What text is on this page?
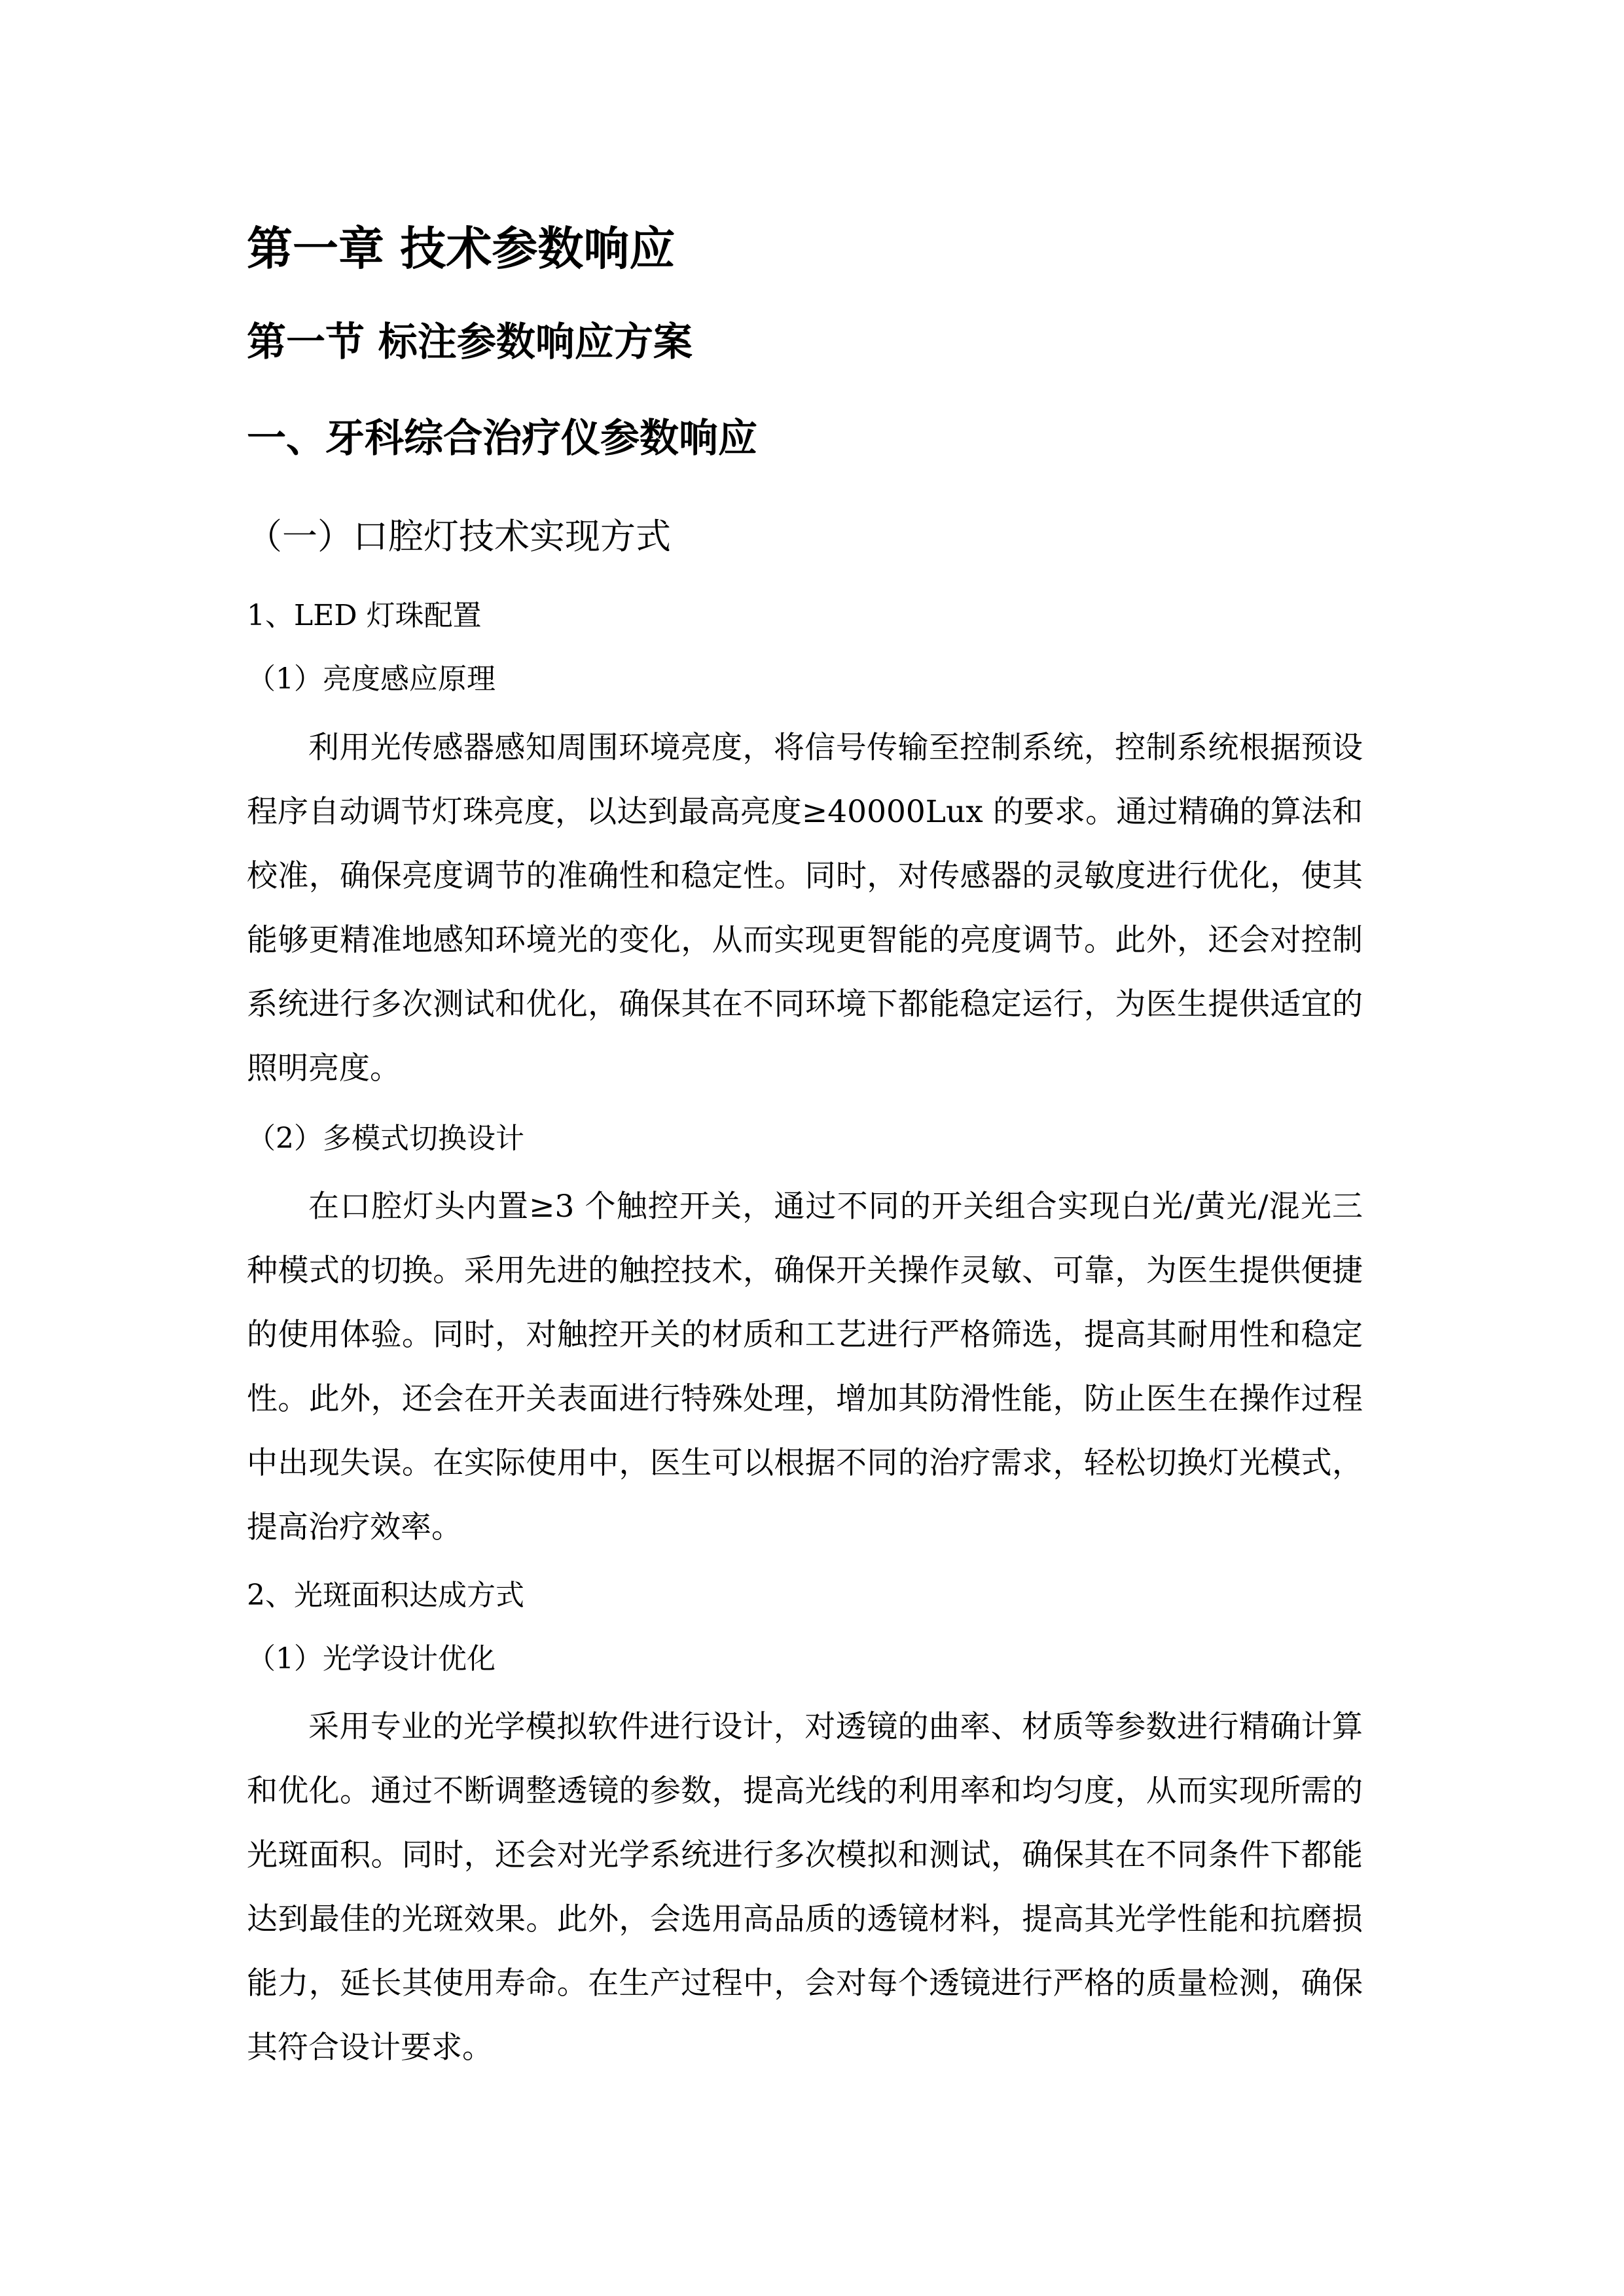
第一章 技术参数响应
第一节 标注参数响应方案
一、牙科综合治疗仪参数响应
（一）口腔灯技术实现方式
1、LED 灯珠配置
（1）亮度感应原理
利用光传感器感知周围环境亮度，将信号传输至控制系统，控制系统根据预设程序自动调节灯珠亮度，以达到最高亮度≥40000Lux 的要求。通过精确的算法和校准，确保亮度调节的准确性和稳定性。同时，对传感器的灵敏度进行优化，使其能够更精准地感知环境光的变化，从而实现更智能的亮度调节。此外，还会对控制系统进行多次测试和优化，确保其在不同环境下都能稳定运行，为医生提供适宜的照明亮度。
（2）多模式切换设计
在口腔灯头内置≥3 个触控开关，通过不同的开关组合实现白光/黄光/混光三种模式的切换。采用先进的触控技术，确保开关操作灵敏、可靠，为医生提供便捷的使用体验。同时，对触控开关的材质和工艺进行严格筛选，提高其耐用性和稳定性。此外，还会在开关表面进行特殊处理，增加其防滑性能，防止医生在操作过程中出现失误。在实际使用中，医生可以根据不同的治疗需求，轻松切换灯光模式，提高治疗效率。
2、光斑面积达成方式
（1）光学设计优化
采用专业的光学模拟软件进行设计，对透镜的曲率、材质等参数进行精确计算和优化。通过不断调整透镜的参数，提高光线的利用率和均匀度，从而实现所需的光斑面积。同时，还会对光学系统进行多次模拟和测试，确保其在不同条件下都能达到最佳的光斑效果。此外，会选用高品质的透镜材料，提高其光学性能和抗磨损能力，延长其使用寿命。在生产过程中，会对每个透镜进行严格的质量检测，确保其符合设计要求。
